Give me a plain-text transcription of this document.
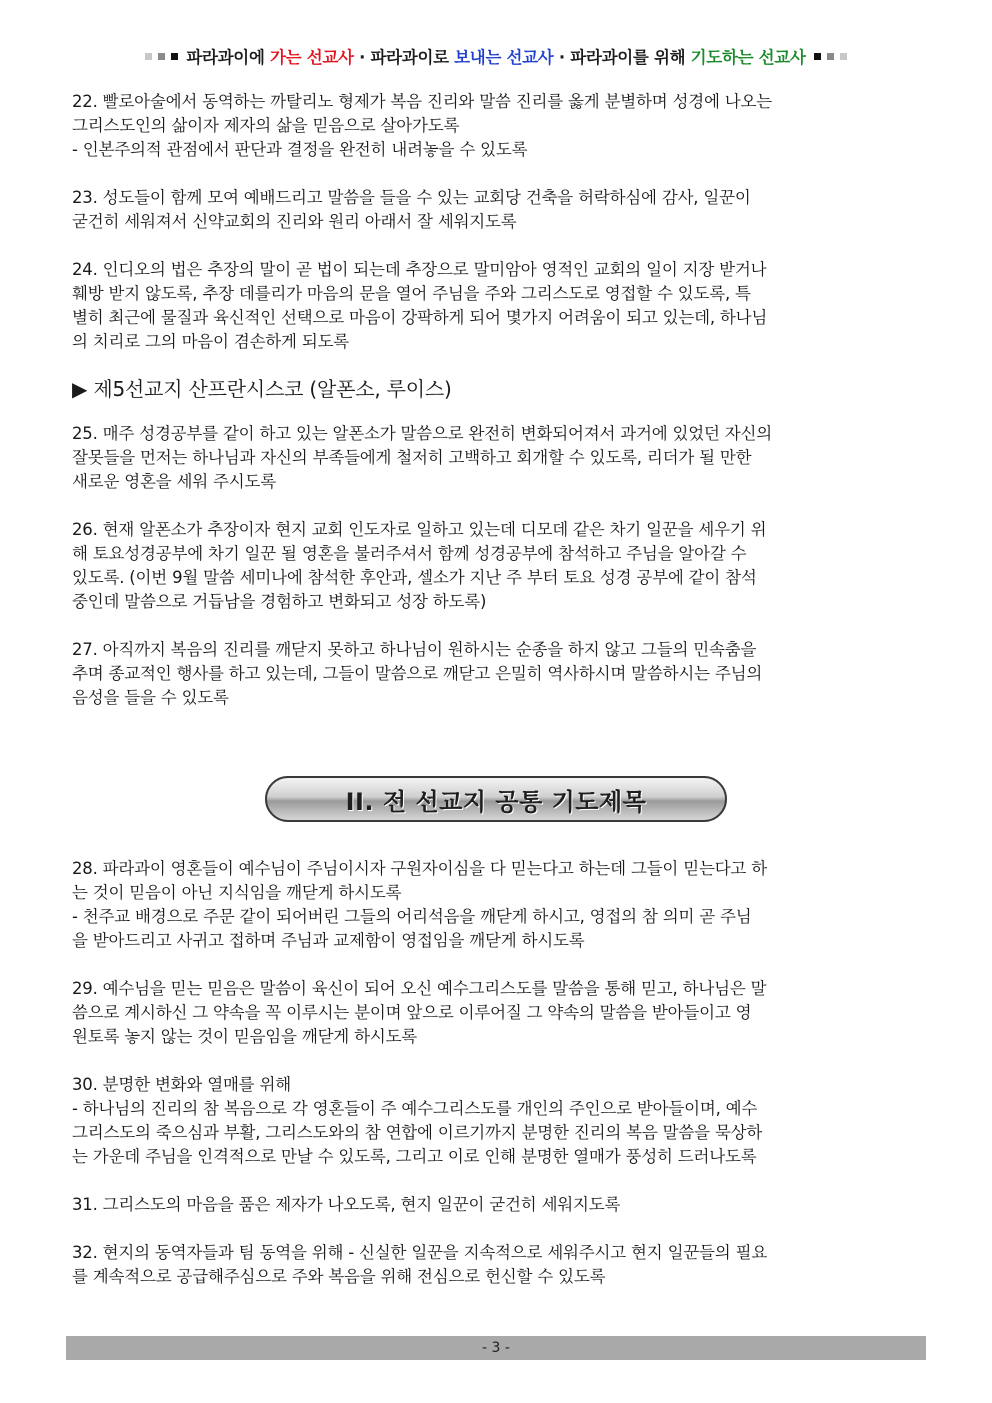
파라과이에 가는 선교사 · 파라과이로 보내는 선교사 · 파라과이를 위해 기도하는 선교사
22. 빨로아술에서 동역하는 까탈리노 형제가 복음 진리와 말씀 진리를 옳게 분별하며 성경에 나오는
그리스도인의 삶이자 제자의 삶을 믿음으로 살아가도록
- 인본주의적 관점에서 판단과 결정을 완전히 내려놓을 수 있도록
23. 성도들이 함께 모여 예배드리고 말씀을 들을 수 있는 교회당 건축을 허락하심에 감사, 일꾼이
굳건히 세워져서 신약교회의 진리와 원리 아래서 잘 세워지도록
24. 인디오의 법은 추장의 말이 곧 법이 되는데 추장으로 말미암아 영적인 교회의 일이 지장 받거나
훼방 받지 않도록, 추장 데를리가 마음의 문을 열어 주님을 주와 그리스도로 영접할 수 있도록, 특
별히 최근에 물질과 육신적인 선택으로 마음이 강팍하게 되어 몇가지 어려움이 되고 있는데, 하나님
의 치리로 그의 마음이 겸손하게 되도록
▶ 제5선교지 산프란시스코 (알폰소, 루이스)
25. 매주 성경공부를 같이 하고 있는 알폰소가 말씀으로 완전히 변화되어져서 과거에 있었던 자신의
잘못들을 먼저는 하나님과 자신의 부족들에게 철저히 고백하고 회개할 수 있도록, 리더가 될 만한
새로운 영혼을 세워 주시도록
26. 현재 알폰소가 추장이자 현지 교회 인도자로 일하고 있는데 디모데 같은 차기 일꾼을 세우기 위
해 토요성경공부에 차기 일꾼 될 영혼을 불러주셔서 함께 성경공부에 참석하고 주님을 알아갈 수
있도록. (이번 9월 말씀 세미나에 참석한 후안과, 셀소가 지난 주 부터 토요 성경 공부에 같이 참석
중인데 말씀으로 거듭남을 경험하고 변화되고 성장 하도록)
27. 아직까지 복음의 진리를 깨닫지 못하고 하나님이 원하시는 순종을 하지 않고 그들의 민속춤을
추며 종교적인 행사를 하고 있는데, 그들이 말씀으로 깨닫고 은밀히 역사하시며 말씀하시는 주님의
음성을 들을 수 있도록
II. 전 선교지 공통 기도제목
28. 파라과이 영혼들이 예수님이 주님이시자 구원자이심을 다 믿는다고 하는데 그들이 믿는다고 하
는 것이 믿음이 아닌 지식임을 깨닫게 하시도록
- 천주교 배경으로 주문 같이 되어버린 그들의 어리석음을 깨닫게 하시고, 영접의 참 의미 곧 주님
을 받아드리고 사귀고 접하며 주님과 교제함이 영접임을 깨닫게 하시도록
29. 예수님을 믿는 믿음은 말씀이 육신이 되어 오신 예수그리스도를 말씀을 통해 믿고, 하나님은 말
씀으로 계시하신 그 약속을 꼭 이루시는 분이며 앞으로 이루어질 그 약속의 말씀을 받아들이고 영
원토록 놓지 않는 것이 믿음임을 깨닫게 하시도록
30. 분명한 변화와 열매를 위해
- 하나님의 진리의 참 복음으로 각 영혼들이 주 예수그리스도를 개인의 주인으로 받아들이며, 예수
그리스도의 죽으심과 부활, 그리스도와의 참 연합에 이르기까지 분명한 진리의 복음 말씀을 묵상하
는 가운데 주님을 인격적으로 만날 수 있도록, 그리고 이로 인해 분명한 열매가 풍성히 드러나도록
31. 그리스도의 마음을 품은 제자가 나오도록, 현지 일꾼이 굳건히 세워지도록
32. 현지의 동역자들과 팀 동역을 위해 - 신실한 일꾼을 지속적으로 세워주시고 현지 일꾼들의 필요
를 계속적으로 공급해주심으로 주와 복음을 위해 전심으로 헌신할 수 있도록
- 3 -
